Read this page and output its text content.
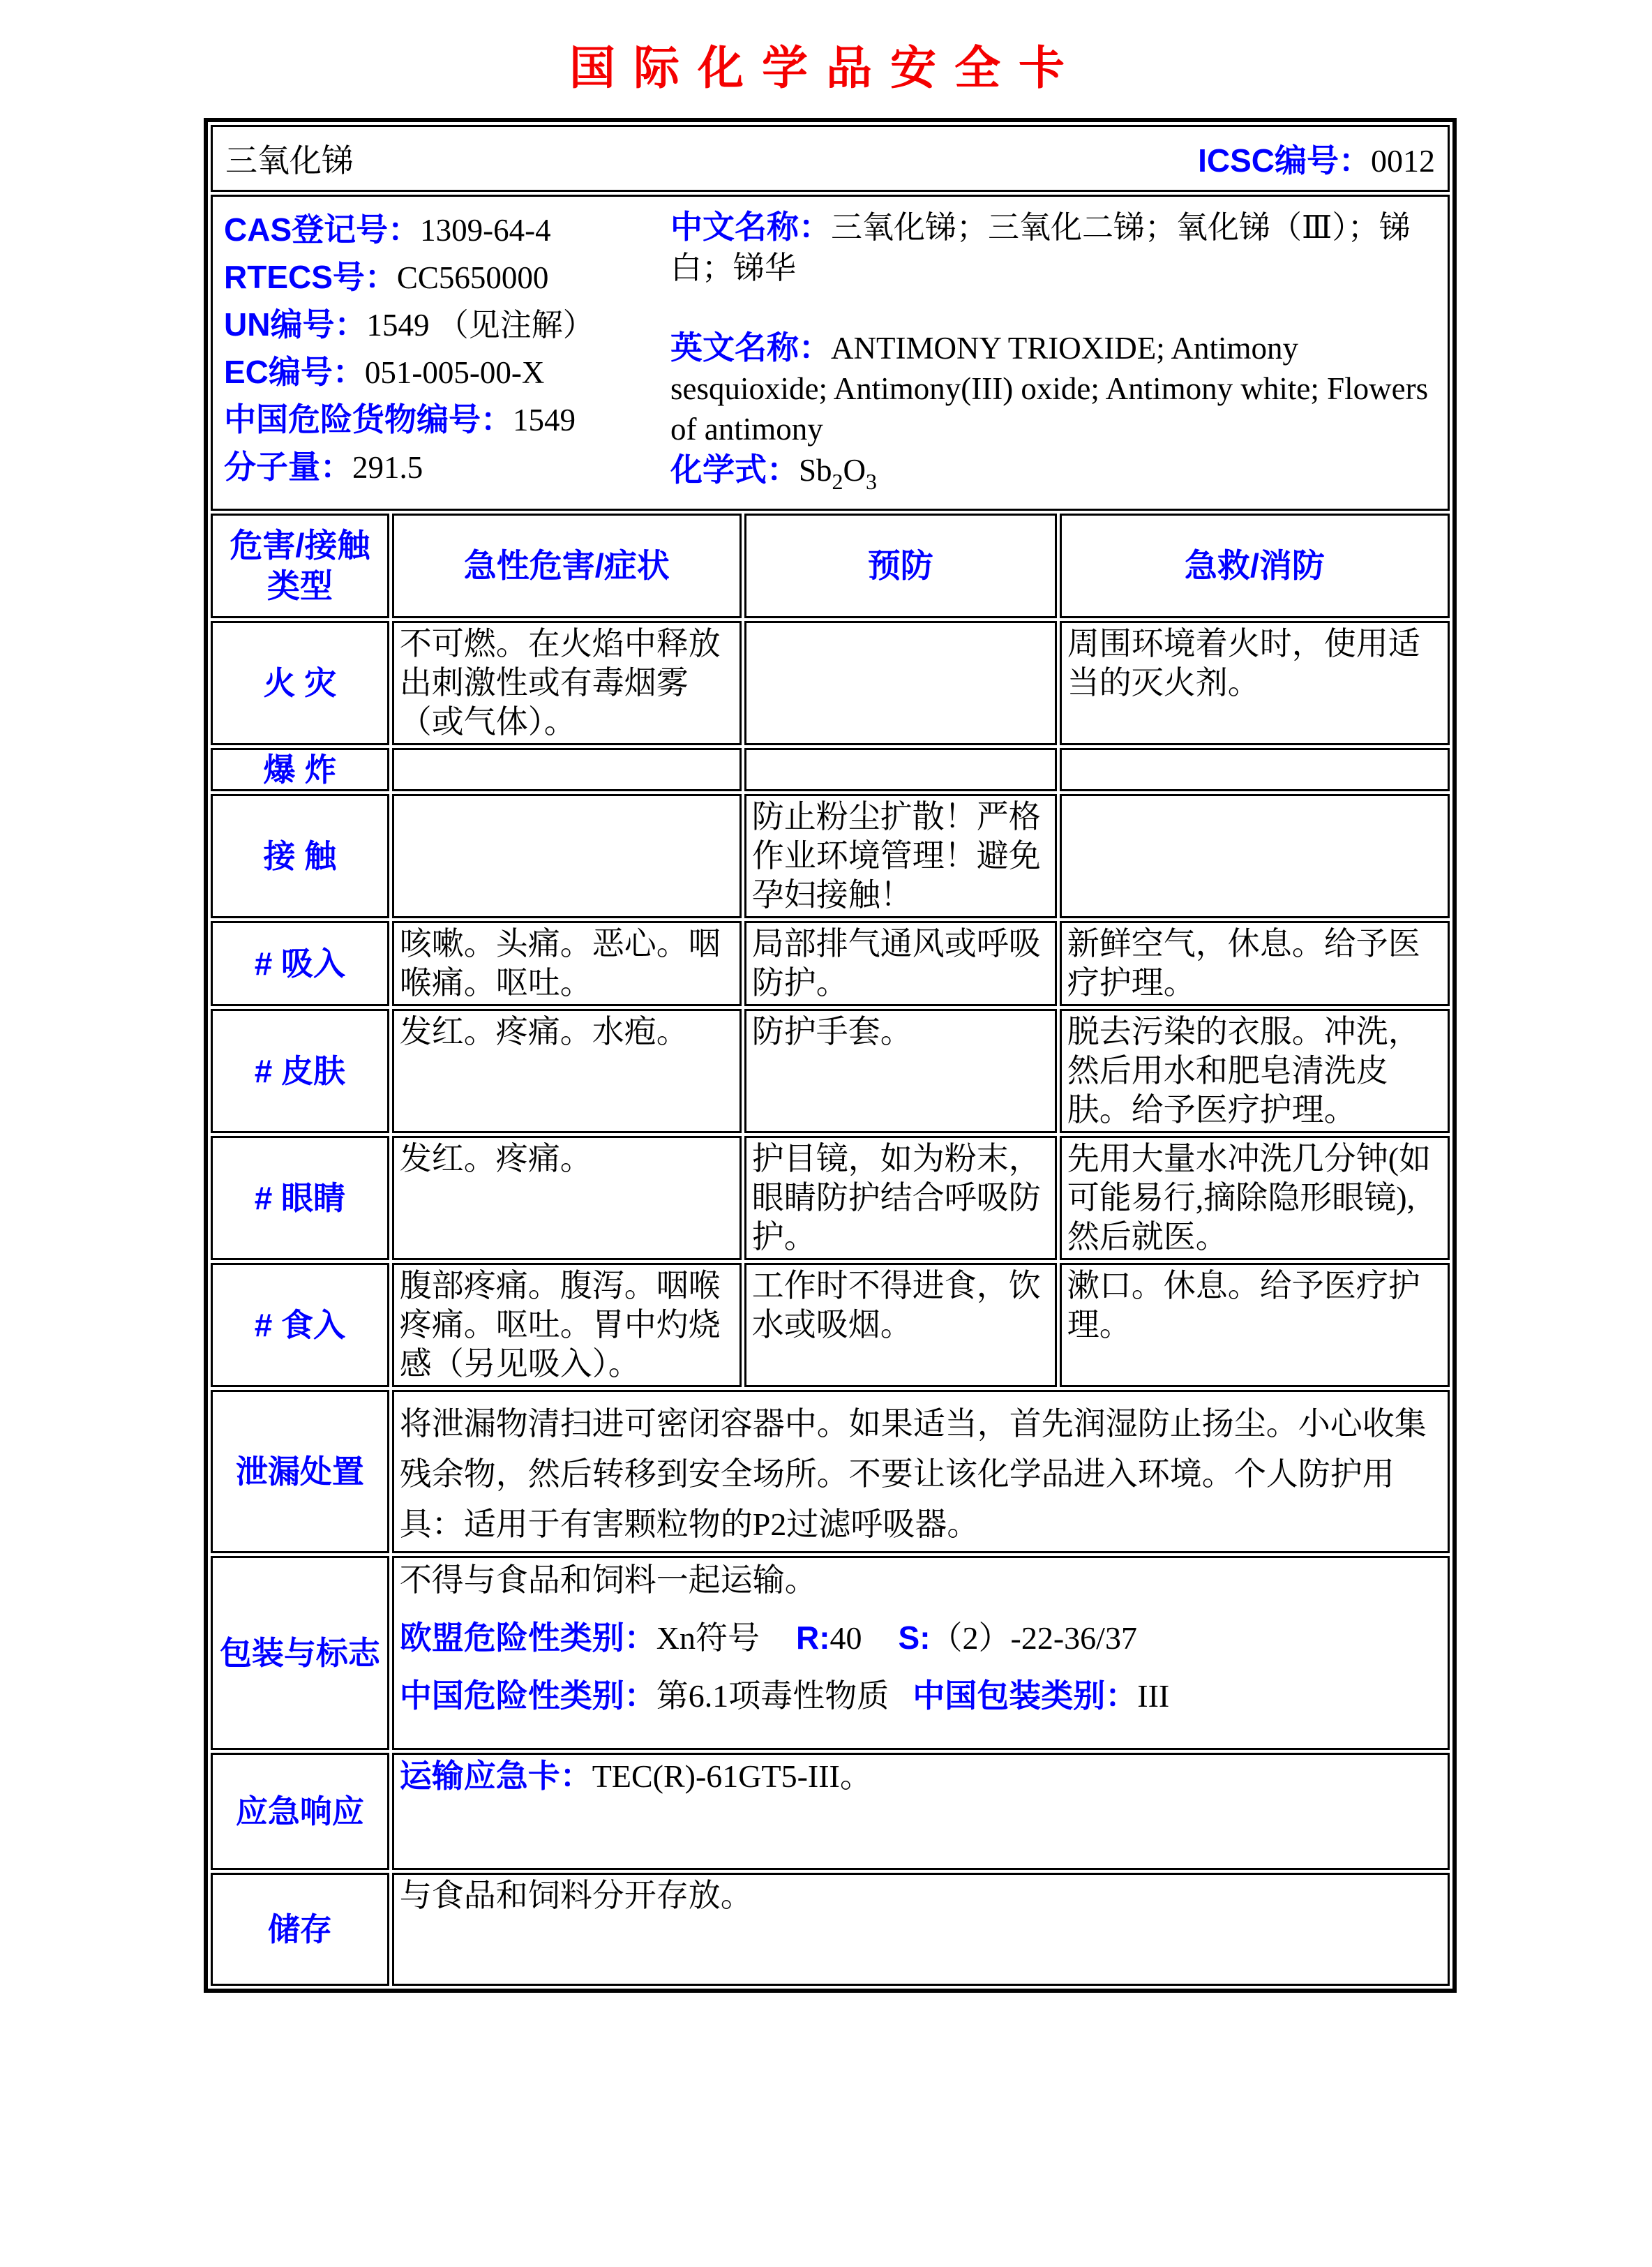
国际化学品安全卡
三氧化锑 ICSC编号：0012			

CAS登记号：1309-64-4
RTECS号：CC5650000
UN编号：1549 （见注解）
EC编号：051-005-00-X
中国危险货物编号：1549
分子量：291.5
中文名称：三氧化锑；三氧化二锑；氧化锑（Ⅲ）；锑白；锑华
英文名称：ANTIMONY TRIOXIDE; Antimony sesquioxide; Antimony(III) oxide; Antimony white; Flowers of antimony
化学式：$Sb_2O_3$

危害/接触 类型	急性危害/症状	预防	急救/消防
火 灾	不可燃。在火焰中释放出刺激性或有毒烟雾（或气体）。		周围环境着火时，使用适当的灭火剂。
爆 炸			
接 触		防止粉尘扩散！严格作业环境管理！避免孕妇接触！	
# 吸入	咳嗽。头痛。恶心。咽喉痛。呕吐。	局部排气通风或呼吸防护。	新鲜空气，休息。给予医疗护理。
# 皮肤	发红。疼痛。水疱。	防护手套。	脱去污染的衣服。冲洗，然后用水和肥皂清洗皮肤。给予医疗护理。
# 眼睛	发红。疼痛。	护目镜，如为粉末，眼睛防护结合呼吸防护。	先用大量水冲洗几分钟(如可能易行,摘除隐形眼镜),然后就医。
# 食入	腹部疼痛。腹泻。咽喉疼痛。呕吐。胃中灼烧感（另见吸入）。	工作时不得进食，饮水或吸烟。	漱口。休息。给予医疗护理。
泄漏处置	将泄漏物清扫进可密闭容器中。如果适当，首先润湿防止扬尘。小心收集残余物，然后转移到安全场所。不要让该化学品进入环境。个人防护用具：适用于有害颗粒物的P2过滤呼吸器。		
包装与标志	不得与食品和饲料一起运输。
欧盟危险性类别：Xn符号 R:40 S:（2）-22-36/37
中国危险性类别：第6.1项毒性物质 中国包装类别：III		

应急响应	运输应急卡：TEC(R)-61GT5-III。		
储存	与食品和饲料分开存放。		
